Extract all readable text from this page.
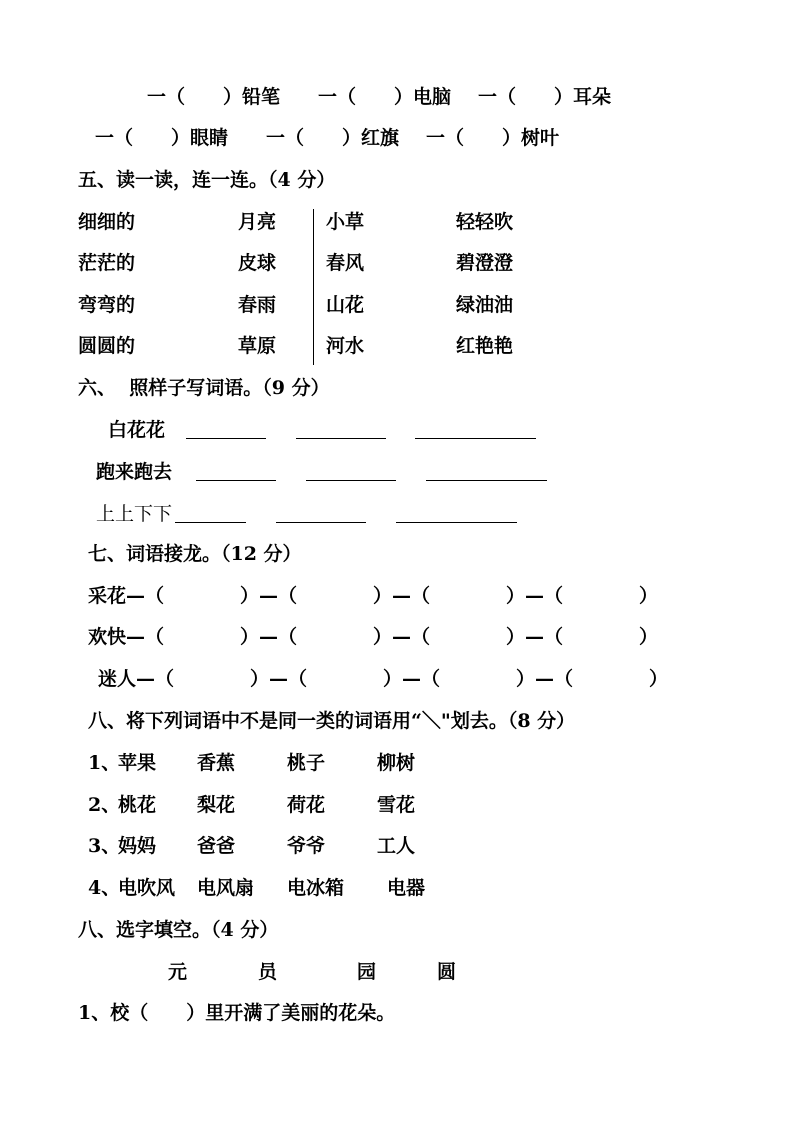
一（　　）铅笔 一（　　）电脑 一（　　）耳朵
一（　　）眼睛 一（　　）红旗 一（　　）树叶
五、读一读，连一连。（4 分）
细细的	月亮	小草	轻轻吹
茫茫的	皮球	春风	碧澄澄
弯弯的	春雨	山花	绿油油
圆圆的	草原	河水	红艳艳
六、  照样子写词语。（9 分）
白花花
跑来跑去
上上下下
七、词语接龙。（12 分）
采花—（　　　　）—（　　　　）—（　　　　）—（　　　　）
欢快—（　　　　）—（　　　　）—（　　　　）—（　　　　）
迷人—（　　　　）—（　　　　）—（　　　　）—（　　　　）
八、将下列词语中不是同一类的词语用“＼"划去。（8 分）
1、
苹果 香蕉	桃子	柳树
2、
桃花 梨花	荷花	雪花
3、
妈妈 爸爸	爷爷	工人
4、
电吹风 电风扇 电冰箱 电器
八、选字填空。（4 分）
元	员	园	圆
1、校（　　）里开满了美丽的花朵。
